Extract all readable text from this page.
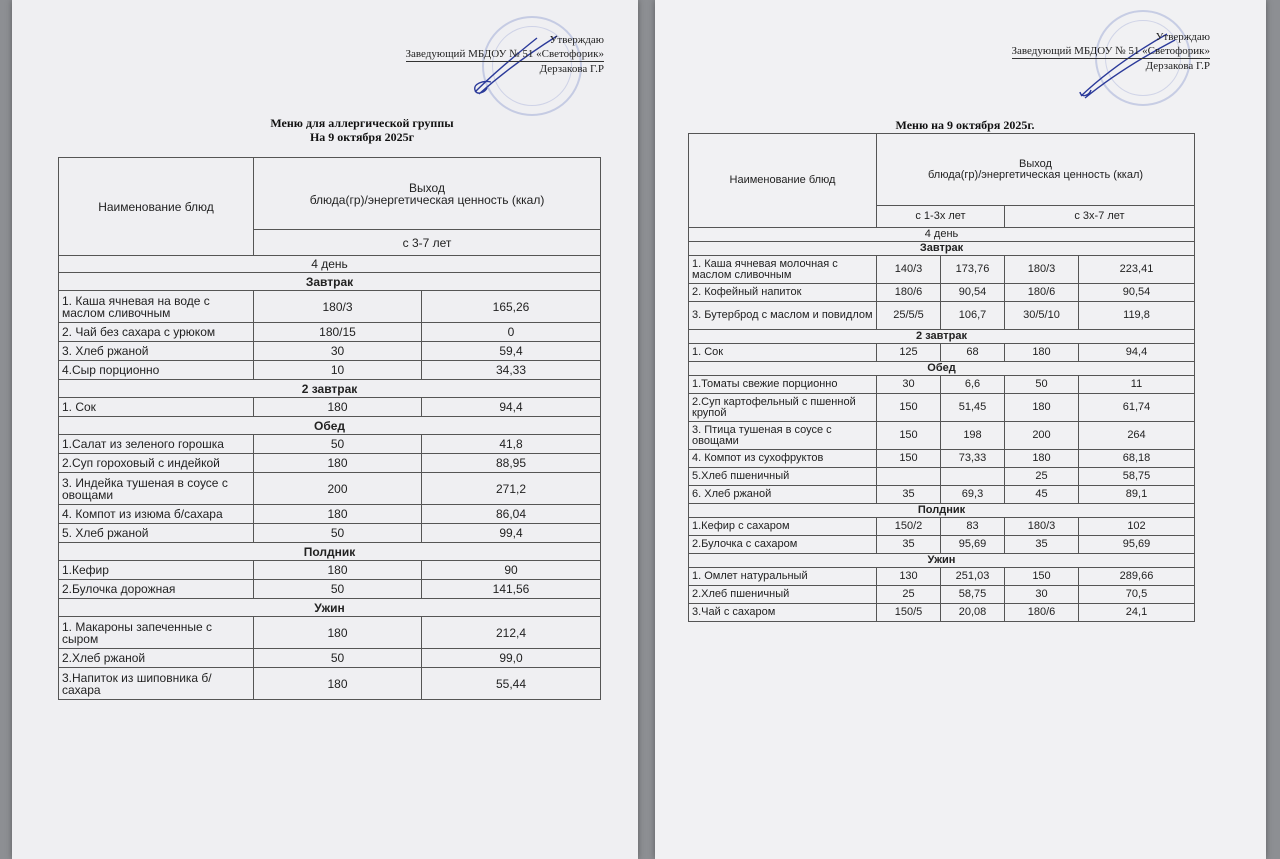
Утверждаю
Заведующий МБДОУ № 51 «Светофорик»
Дерзакова Г.Р
Меню для аллергической группы
На 9 октября 2025г
Наименование блюд	Выход
блюда(гр)/энергетическая ценность (ккал)	

	с 3-7 лет	
4 день		
Завтрак		
1. Каша ячневая на воде с маслом сливочным	180/3	165,26
2. Чай без сахара с урюком	180/15	0
3. Хлеб ржаной	30	59,4
4.Сыр порционно	10	34,33
2 завтрак		
1. Сок	180	94,4
Обед		
1.Салат из зеленого горошка	50	41,8
2.Суп гороховый с индейкой	180	88,95
3. Индейка тушеная в соусе с овощами	200	271,2
4. Компот из изюма б/сахара	180	86,04
5. Хлеб ржаной	50	99,4
Полдник		
1.Кефир	180	90
2.Булочка дорожная	50	141,56
Ужин		
1. Макароны запеченные с сыром	180	212,4
2.Хлеб ржаной	50	99,0
3.Напиток из шиповника б/сахара	180	55,44
Утверждаю
Заведующий МБДОУ № 51 «Светофорик»
Дерзакова Г.Р
Меню на 9 октября 2025г.
Наименование блюд	Выход
блюда(гр)/энергетическая ценность (ккал)			

	с 1-3х лет		с 3х-7 лет	
4 день				
Завтрак				
1. Каша ячневая молочная с маслом сливочным	140/3	173,76	180/3	223,41
2. Кофейный напиток	180/6	90,54	180/6	90,54
3. Бутерброд с маслом и повидлом	25/5/5	106,7	30/5/10	119,8
2 завтрак				
1. Сок	125	68	180	94,4
Обед				
1.Томаты свежие порционно	30	6,6	50	11
2.Суп картофельный с пшенной крупой	150	51,45	180	61,74
3. Птица тушеная в соусе с овощами	150	198	200	264
4. Компот из сухофруктов	150	73,33	180	68,18
5.Хлеб пшеничный			25	58,75
6. Хлеб ржаной	35	69,3	45	89,1
Полдник				
1.Кефир с сахаром	150/2	83	180/3	102
2.Булочка с сахаром	35	95,69	35	95,69
Ужин				
1. Омлет натуральный	130	251,03	150	289,66
2.Хлеб пшеничный	25	58,75	30	70,5
3.Чай с сахаром	150/5	20,08	180/6	24,1
